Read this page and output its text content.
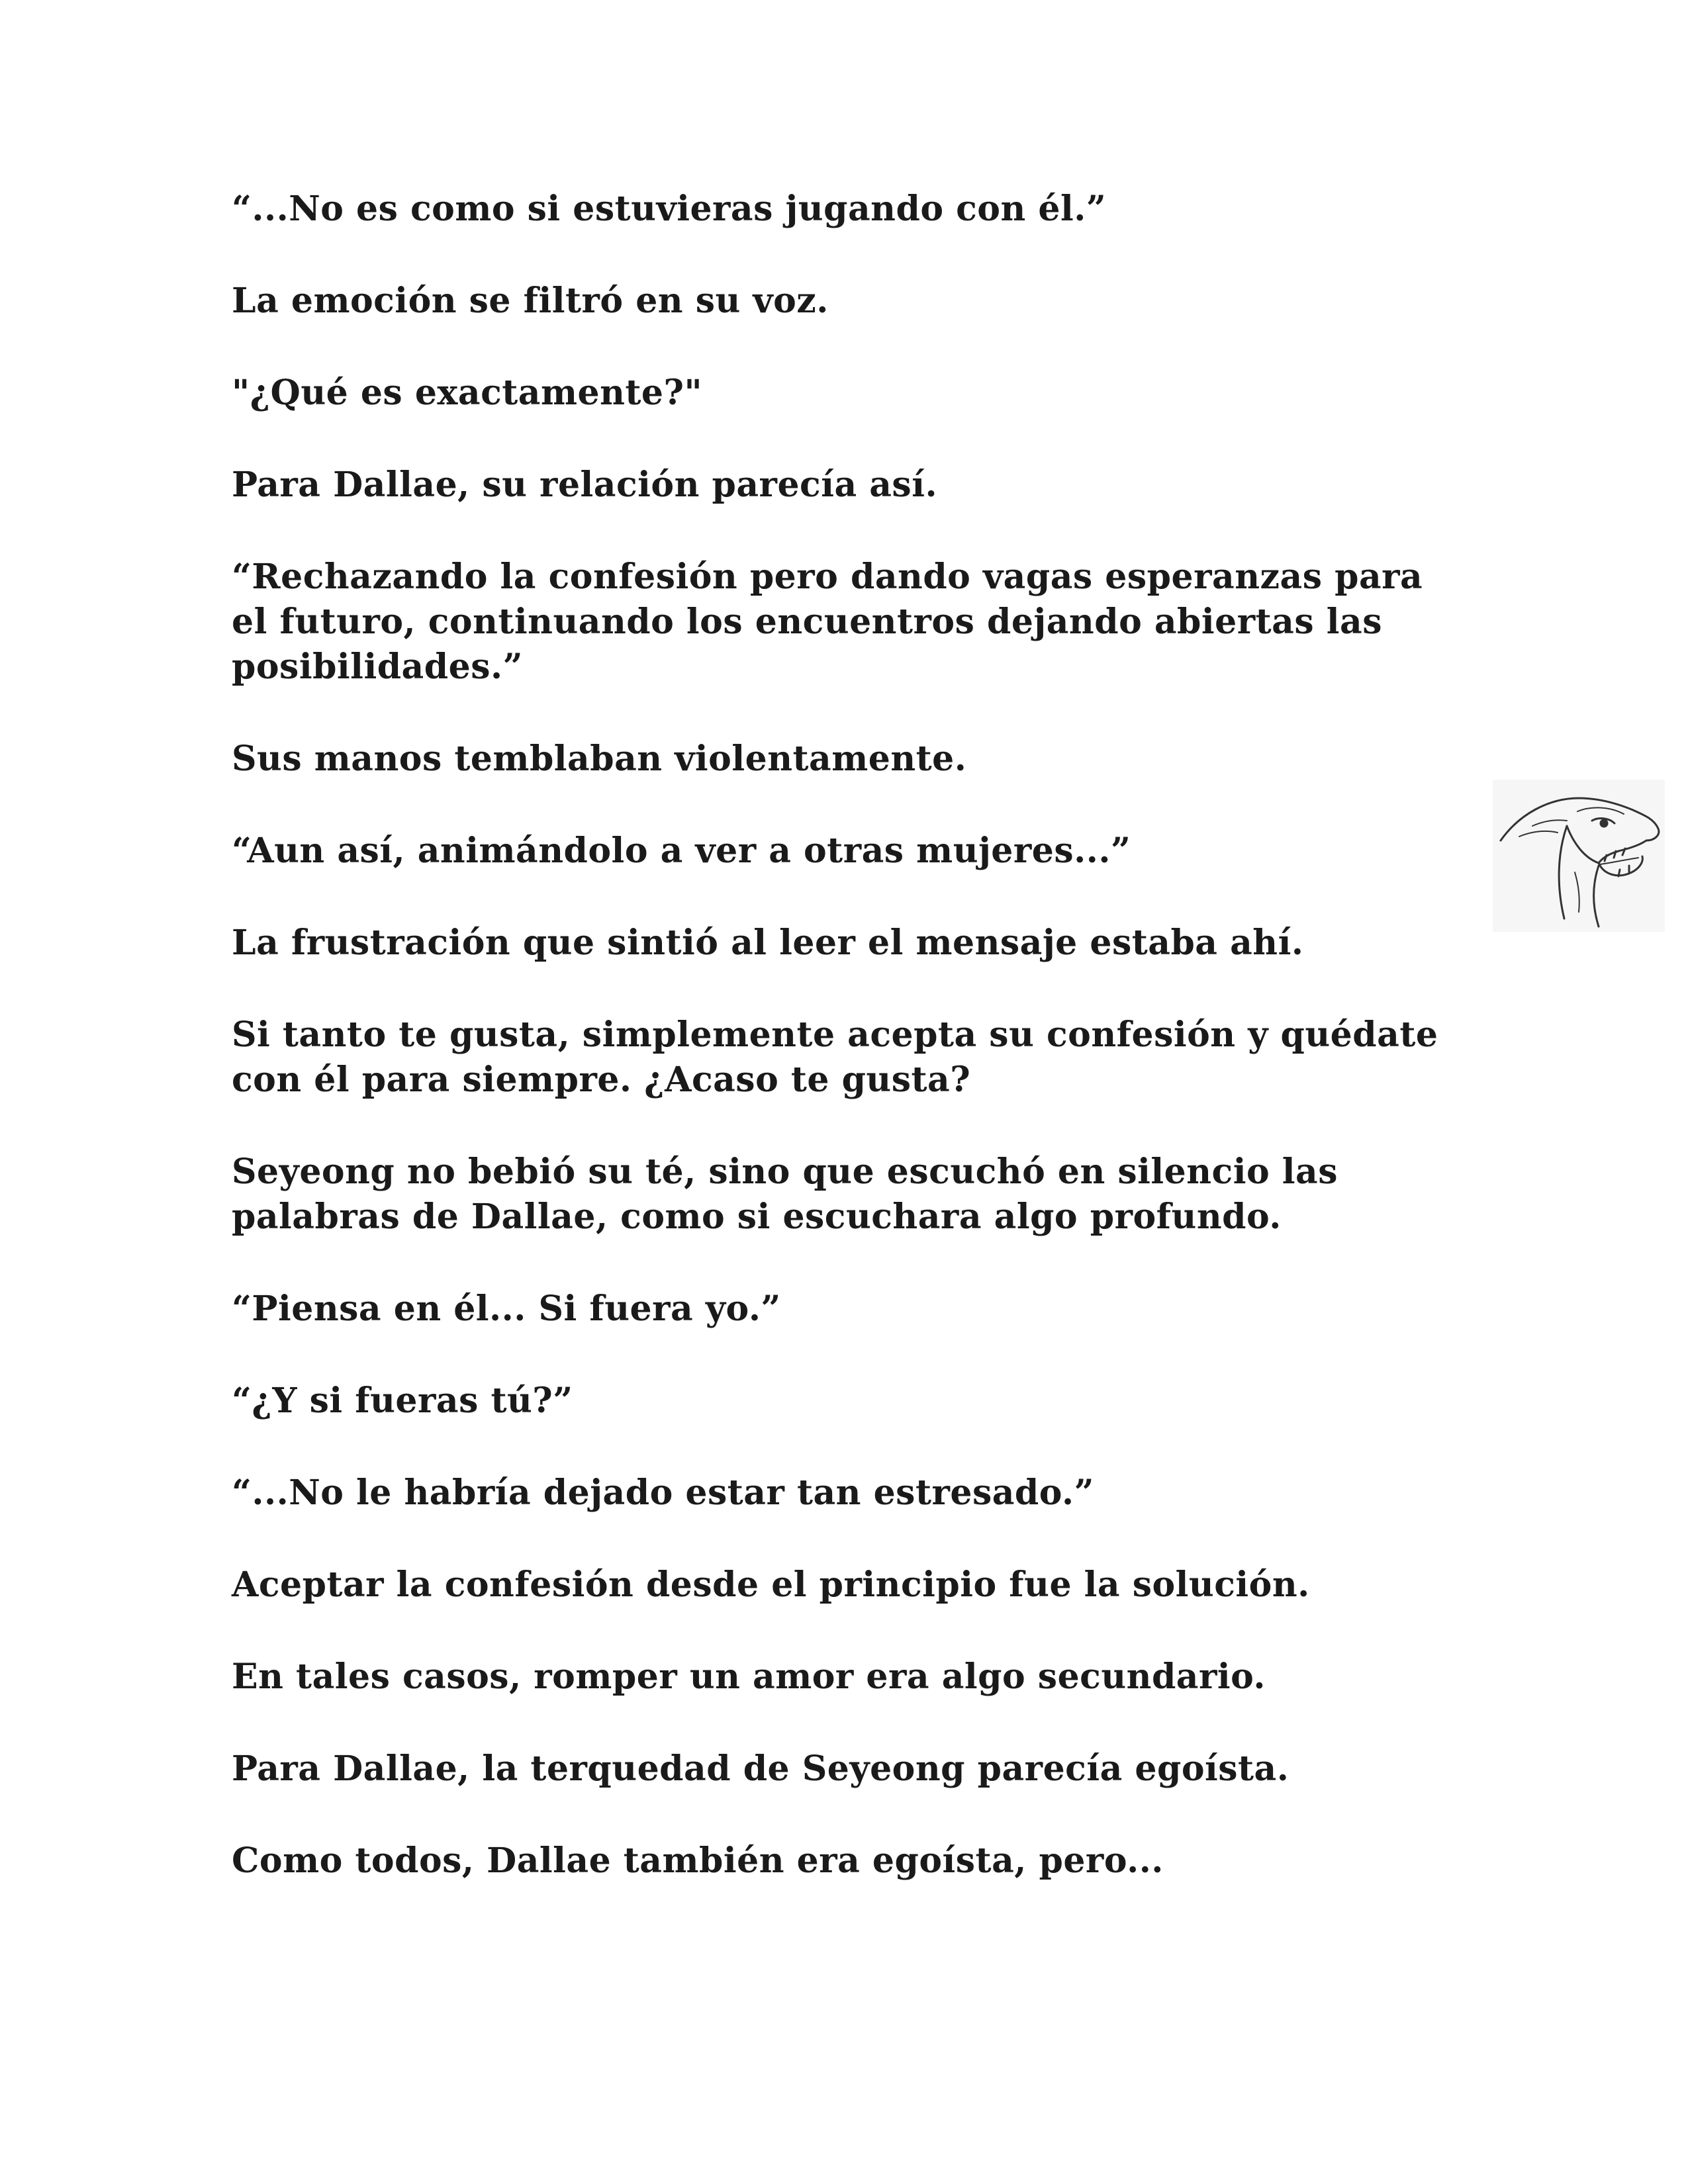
“...No es como si estuvieras jugando con él.”

La emoción se filtró en su voz.

"¿Qué es exactamente?"

Para Dallae, su relación parecía así.

“Rechazando la confesión pero dando vagas esperanzas para
el futuro, continuando los encuentros dejando abiertas las
posibilidades.”

Sus manos temblaban violentamente.

“Aun así, animándolo a ver a otras mujeres...”

La frustración que sintió al leer el mensaje estaba ahí.

Si tanto te gusta, simplemente acepta su confesión y quédate
con él para siempre. ¿Acaso te gusta?

Seyeong no bebió su té, sino que escuchó en silencio las
palabras de Dallae, como si escuchara algo profundo.

“Piensa en él... Si fuera yo.”

“¿Y si fueras tú?”

“...No le habría dejado estar tan estresado.”

Aceptar la confesión desde el principio fue la solución.

En tales casos, romper un amor era algo secundario.

Para Dallae, la terquedad de Seyeong parecía egoísta.

Como todos, Dallae también era egoísta, pero...
